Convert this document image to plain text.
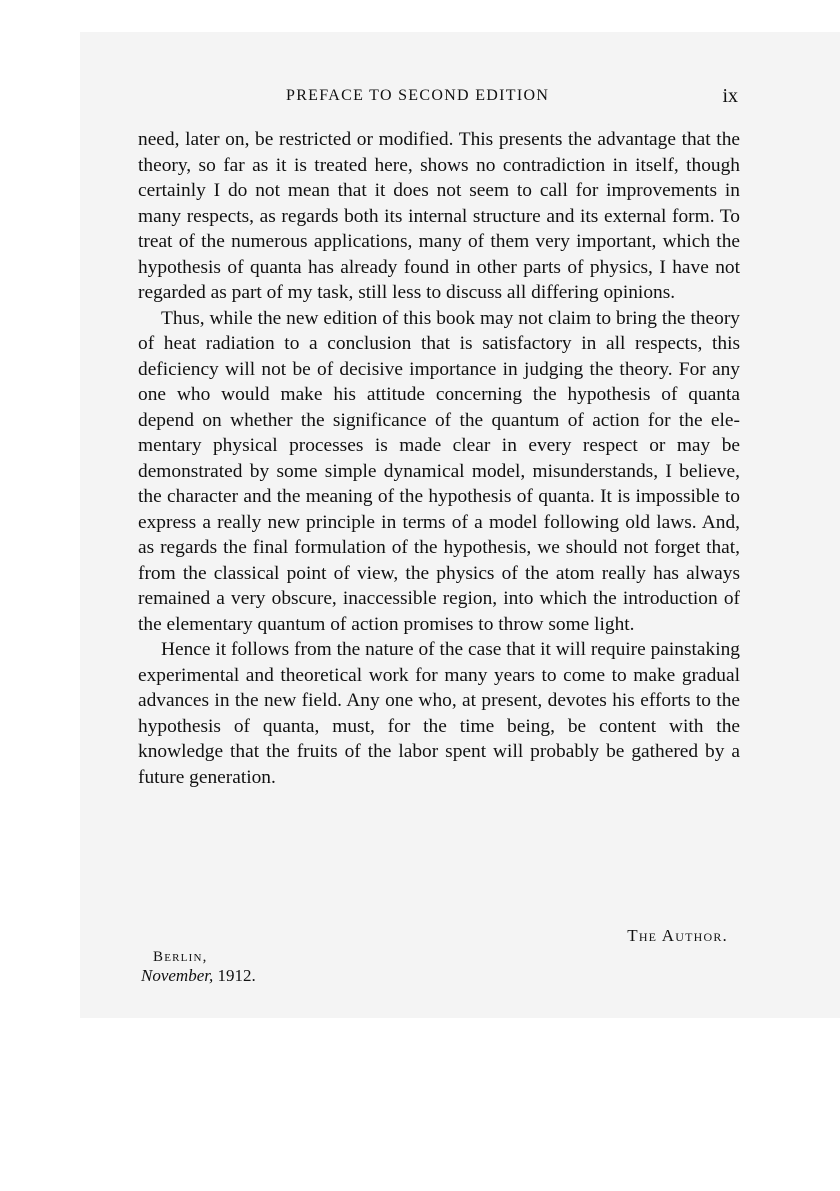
PREFACE TO SECOND EDITION	ix

need, later on, be restricted or modified. This presents the advantage that the theory, so far as it is treated here, shows no contradiction in itself, though certainly I do not mean that it does not seem to call for improvements in many respects, as regards both its internal structure and its external form. To treat of the numerous applications, many of them very important, which the hypothesis of quanta has already found in other parts of physics, I have not regarded as part of my task, still less to discuss all differing opinions.

Thus, while the new edition of this book may not claim to bring the theory of heat radiation to a conclusion that is satisfactory in all respects, this deficiency will not be of decisive importance in judging the theory. For any one who would make his attitude concerning the hypothesis of quanta depend on whether the significance of the quantum of action for the elementary physical processes is made clear in every respect or may be demonstrated by some simple dynamical model, misunderstands, I believe, the character and the meaning of the hypothesis of quanta. It is impossible to express a really new principle in terms of a model following old laws. And, as regards the final formulation of the hypothesis, we should not forget that, from the classical point of view, the physics of the atom really has always remained a very obscure, inaccessible region, into which the introduction of the elementary quantum of action promises to throw some light.

Hence it follows from the nature of the case that it will require painstaking experimental and theoretical work for many years to come to make gradual advances in the new field. Any one who, at present, devotes his efforts to the hypothesis of quanta, must, for the time being, be content with the knowledge that the fruits of the labor spent will probably be gathered by a future generation.

The Author.
Berlin,
November, 1912.
